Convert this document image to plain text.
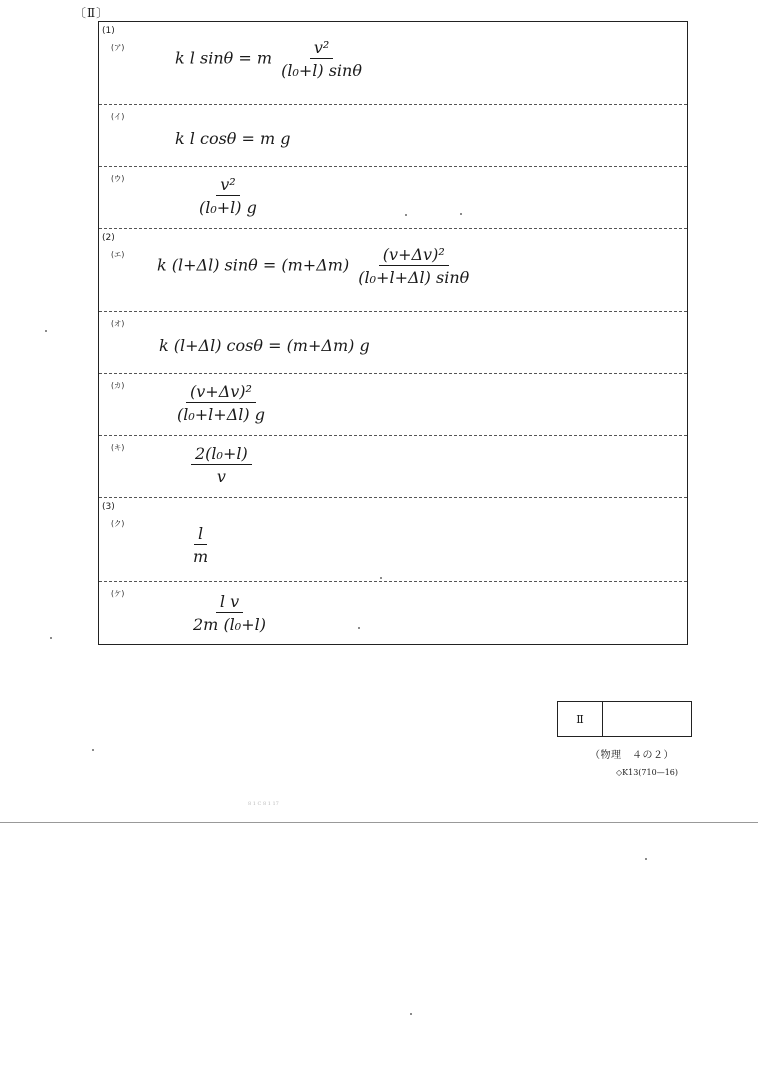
〔Ⅱ〕
(1)
(ア)
k l sinθ = m $\frac{\text{v²}}{\text{(l₀+l) sinθ}}$
(イ)
k l cosθ = m g
(ウ)	$\frac{\text{v²}}{\text{(l₀+l) g}}$
(2)
(エ)
k (l+Δl) $\sin\theta = (m+\Delta m) \frac{\text{(v+Δv)²}}{\text{(l₀+l+Δl) sinθ}}$
(オ)
k (l+Δl) cosθ = (m+Δm) g
(カ)	$\frac{\text{(v+Δv)²}}{\text{(l₀+l+Δl) g}}$
(キ)	$\frac{\text{2(l₀+l)}}{v}$
(3)
(ク)
$\frac{l}{m}$
(ケ)	$\frac{\text{l v}}{\text{2m (l₀+l)}}$
Ⅱ
（物理　４の２）
◇K13(710—16)
8 1 C 8 1 17
